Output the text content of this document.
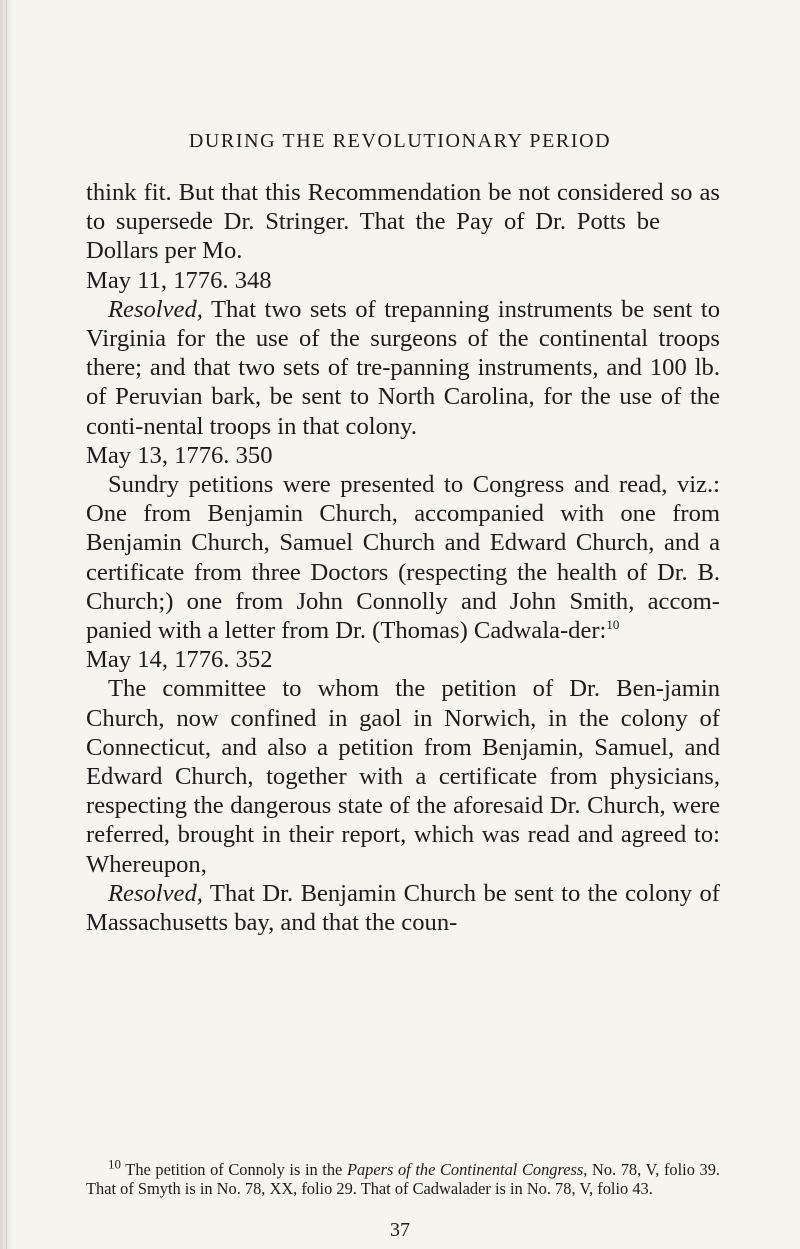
DURING THE REVOLUTIONARY PERIOD

think fit. But that this Recommendation be not considered so as to supersede Dr. Stringer. That the Pay of Dr. Potts beDollars per Mo.

May 11, 1776. 348

Resolved, That two sets of trepanning instruments be sent to Virginia for the use of the surgeons of the continental troops there; and that two sets of tre-panning instruments, and 100 lb. of Peruvian bark, be sent to North Carolina, for the use of the conti-nental troops in that colony.

May 13, 1776. 350

Sundry petitions were presented to Congress and read, viz.: One from Benjamin Church, accompanied with one from Benjamin Church, Samuel Church and Edward Church, and a certificate from three Doctors (respecting the health of Dr. B. Church;) one from John Connolly and John Smith, accom-panied with a letter from Dr. (Thomas) Cadwala-der:$^{10}$

May 14, 1776. 352

The committee to whom the petition of Dr. Ben-jamin Church, now confined in gaol in Norwich, in the colony of Connecticut, and also a petition from Benjamin, Samuel, and Edward Church, together with a certificate from physicians, respecting the dangerous state of the aforesaid Dr. Church, were referred, brought in their report, which was read and agreed to: Whereupon,

Resolved, That Dr. Benjamin Church be sent to the colony of Massachusetts bay, and that the coun-

$^{10}$ The petition of Connoly is in the Papers of the Continental Congress, No. 78, V, folio 39. That of Smyth is in No. 78, XX, folio 29. That of Cadwalader is in No. 78, V, folio 43.

37
